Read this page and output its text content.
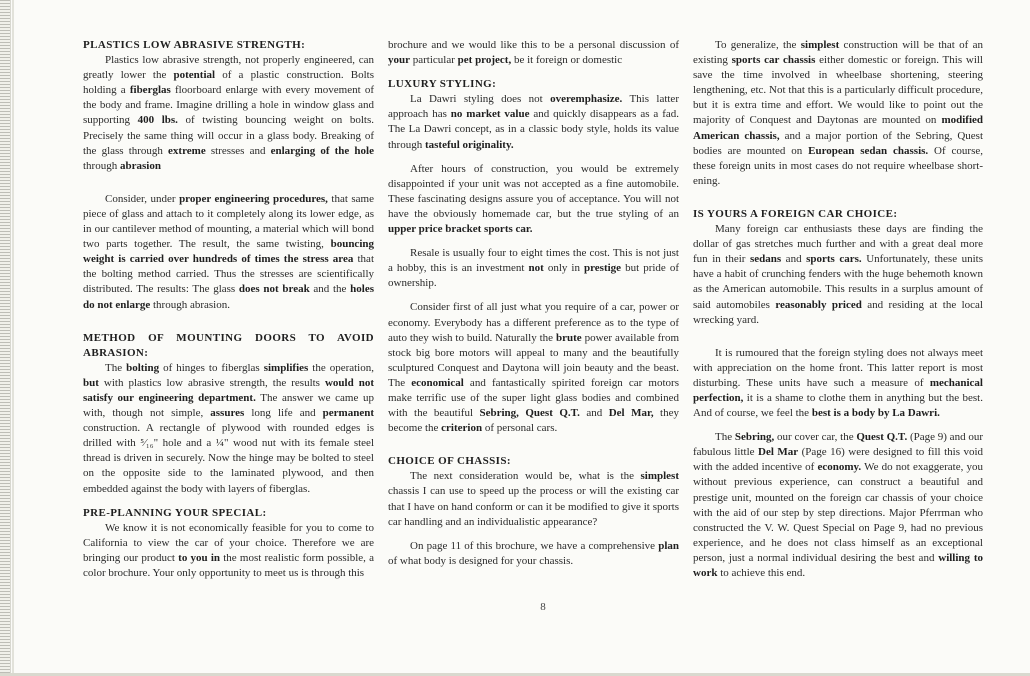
PLASTICS LOW ABRASIVE STRENGTH:

Plastics low abrasive strength, not properly engineered, can greatly lower the potential of a plastic construction. Bolts holding a fiberglas floorboard enlarge with every movement of the body and frame. Imagine drilling a hole in window glass and supporting 400 lbs. of twisting bouncing weight on bolts. Precisely the same thing will occur in a glass body. Breaking of the glass through extreme stresses and enlarging of the hole through abrasion

Consider, under proper engineering procedures, that same piece of glass and attach to it completely along its lower edge, as in our cantilever method of mounting, a material which will bond two parts together. The result, the same twisting, bouncing weight is carried over hundreds of times the stress area that the bolting method carried. Thus the stresses are scientifically distributed. The results: The glass does not break and the holes do not enlarge through abrasion.

METHOD OF MOUNTING DOORS TO AVOID ABRASION:

The bolting of hinges to fiberglas simplifies the operation, but with plastics low abrasive strength, the results would not satisfy our engineering department. The answer we came up with, though not simple, assures long life and permanent construction. A rectangle of plywood with rounded edges is drilled with ⁵⁄₁₆" hole and a ¼" wood nut with its female steel thread is driven in securely. Now the hinge may be bolted to steel on the opposite side to the laminated plywood, and then embedded against the body with layers of fiberglas.

PRE-PLANNING YOUR SPECIAL:

We know it is not economically feasible for you to come to California to view the car of your choice. Therefore we are bringing our product to you in the most realistic form possible, a color brochure. Your only opportunity to meet us is through this

brochure and we would like this to be a personal discussion of your particular pet project, be it foreign or domestic

LUXURY STYLING:

La Dawri styling does not overemphasize. This latter approach has no market value and quickly disappears as a fad. The La Dawri concept, as in a classic body style, holds its value through tasteful originality.

After hours of construction, you would be extremely disappointed if your unit was not accepted as a fine automobile. These fascinating designs assure you of acceptance. You will not have the obviously homemade car, but the true styling of an upper price bracket sports car.

Resale is usually four to eight times the cost. This is not just a hobby, this is an investment not only in prestige but pride of ownership.

Consider first of all just what you require of a car, power or economy. Everybody has a different preference as to the type of auto they wish to build. Naturally the brute power available from stock big bore motors will appeal to many and the beautifully sculptured Conquest and Daytona will join beauty and the beast. The economical and fantastically spirited foreign car motors make terrific use of the super light glass bodies and combined with the beautiful Sebring, Quest Q.T. and Del Mar, they become the criterion of personal cars.

CHOICE OF CHASSIS:

The next consideration would be, what is the simplest chassis I can use to speed up the process or will the existing car that I have on hand conform or can it be modified to give it sports car handling and an individualistic appearance?

On page 11 of this brochure, we have a comprehensive plan of what body is designed for your chassis.

To generalize, the simplest construction will be that of an existing sports car chassis either domestic or foreign. This will save the time involved in wheelbase shortening, steering lengthening, etc. Not that this is a particularly difficult procedure, but it is extra time and effort. We would like to point out the majority of Conquest and Daytonas are mounted on modified American chassis, and a major portion of the Sebring, Quest bodies are mounted on European sedan chassis. Of course, these foreign units in most cases do not require wheelbase shortening.

IS YOURS A FOREIGN CAR CHOICE:

Many foreign car enthusiasts these days are finding the dollar of gas stretches much further and with a great deal more fun in their sedans and sports cars. Unfortunately, these units have a habit of crunching fenders with the huge behemoth known as the American automobile. This results in a surplus amount of said automobiles reasonably priced and residing at the local wrecking yard.

It is rumoured that the foreign styling does not always meet with appreciation on the home front. This latter report is most disturbing. These units have such a measure of mechanical perfection, it is a shame to clothe them in anything but the best. And of course, we feel the best is a body by La Dawri.

The Sebring, our cover car, the Quest Q.T. (Page 9) and our fabulous little Del Mar (Page 16) were designed to fill this void with the added incentive of economy. We do not exaggerate, you without previous experience, can construct a beautiful and prestige unit, mounted on the foreign car chassis of your choice with the aid of our step by step directions. Major Pferrman who constructed the V. W. Quest Special on Page 9, had no previous experience, and he does not class himself as an exceptional person, just a normal individual desiring the best and willing to work to achieve this end.

8
